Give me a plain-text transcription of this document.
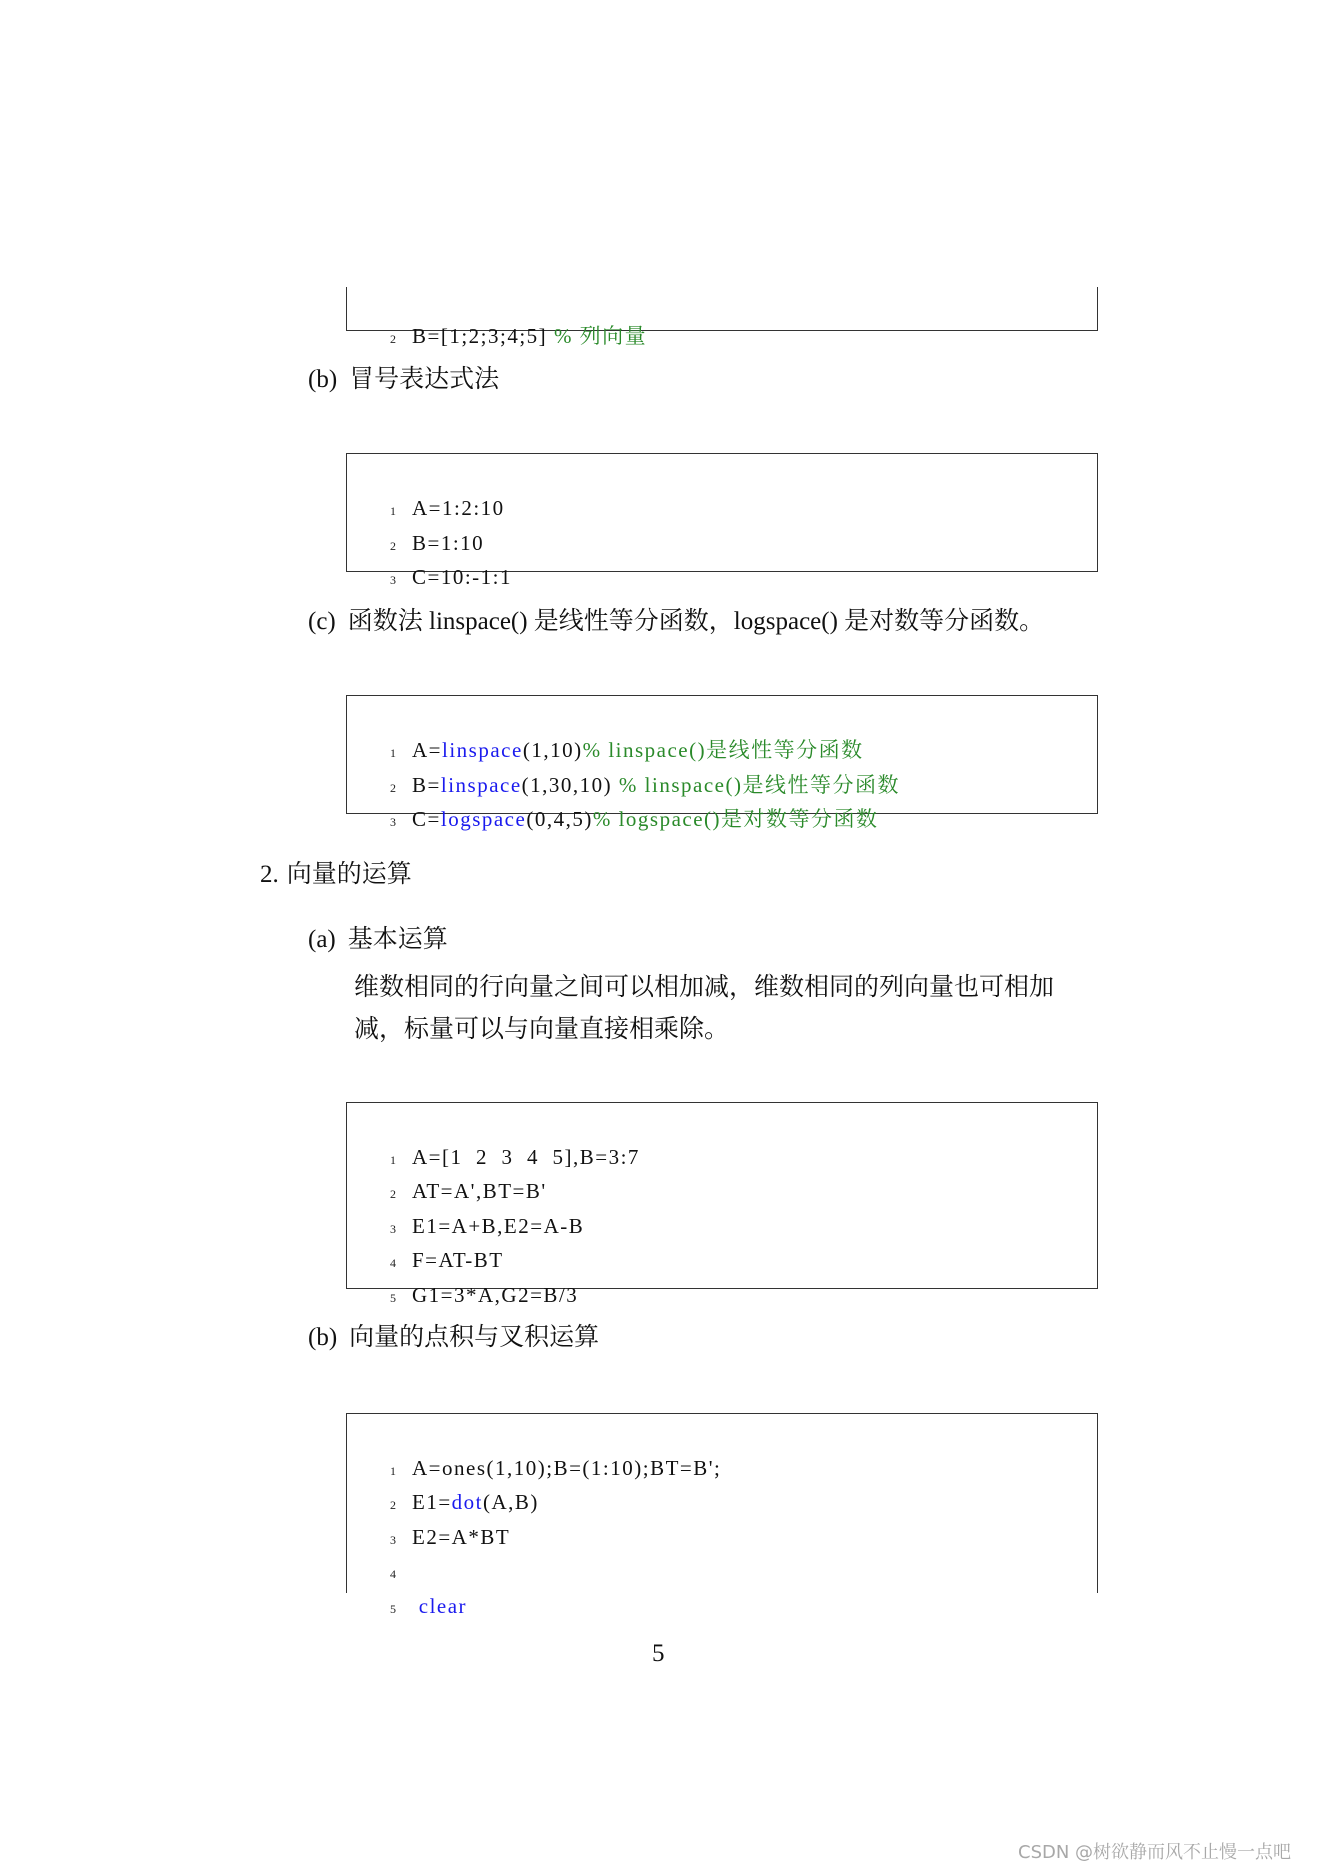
2 B=[1;2;3;4;5] % 列向量

(b) 冒号表达式法

1 A=1:2:10

2 B=1:10

3 C=10:-1:1

(c) 函数法 linspace() 是线性等分函数，logspace() 是对数等分函数。

1 A=linspace(1,10)% linspace()是线性等分函数

2 B=linspace(1,30,10) % linspace()是线性等分函数

3 C=logspace(0,4,5)% logspace()是对数等分函数

2. 向量的运算
(a) 基本运算
维数相同的行向量之间可以相加减，维数相同的列向量也可相加
减，标量可以与向量直接相乘除。

1 A=[1  2  3  4  5],B=3:7

2 AT=A',BT=B'

3 E1=A+B,E2=A-B

4 F=AT-BT

5 G1=3*A,G2=B/3

(b) 向量的点积与叉积运算

1 A=ones(1,10);B=(1:10);BT=B';

2 E1=dot(A,B)

3 E2=A*BT

4

5 clear

5
CSDN @树欲静而风不止慢一点吧
